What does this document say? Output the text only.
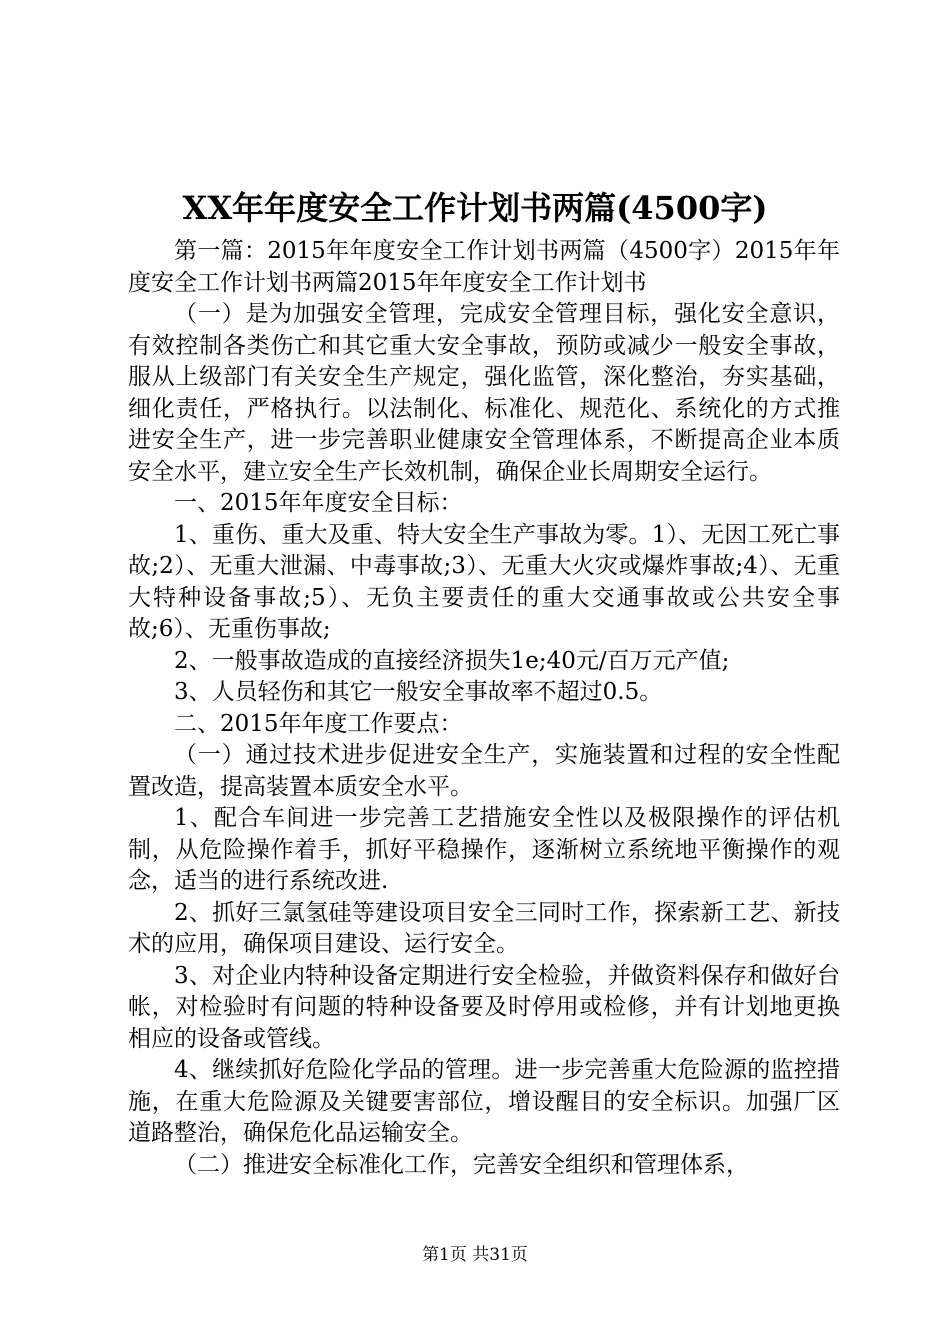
XX年年度安全工作计划书两篇(4500字)

第一篇：2015年年度安全工作计划书两篇（4500字）2015年年度安全工作计划书两篇2015年年度安全工作计划书

（一）是为加强安全管理，完成安全管理目标，强化安全意识，有效控制各类伤亡和其它重大安全事故，预防或减少一般安全事故，服从上级部门有关安全生产规定，强化监管，深化整治，夯实基础，细化责任，严格执行。以法制化、标准化、规范化、系统化的方式推进安全生产，进一步完善职业健康安全管理体系，不断提高企业本质安全水平，建立安全生产长效机制，确保企业长周期安全运行。

一、2015年年度安全目标：

1、重伤、重大及重、特大安全生产事故为零。1）、无因工死亡事故;2）、无重大泄漏、中毒事故;3）、无重大火灾或爆炸事故;4）、无重大特种设备事故;5）、无负主要责任的重大交通事故或公共安全事故;6）、无重伤事故;

2、一般事故造成的直接经济损失1e;40元/百万元产值;

3、人员轻伤和其它一般安全事故率不超过0.5。

二、2015年年度工作要点：

（一）通过技术进步促进安全生产，实施装置和过程的安全性配置改造，提高装置本质安全水平。

1、配合车间进一步完善工艺措施安全性以及极限操作的评估机制，从危险操作着手，抓好平稳操作，逐渐树立系统地平衡操作的观念，适当的进行系统改进.

2、抓好三氯氢硅等建设项目安全三同时工作，探索新工艺、新技术的应用，确保项目建设、运行安全。

3、对企业内特种设备定期进行安全检验，并做资料保存和做好台帐，对检验时有问题的特种设备要及时停用或检修，并有计划地更换相应的设备或管线。

4、继续抓好危险化学品的管理。进一步完善重大危险源的监控措施，在重大危险源及关键要害部位，增设醒目的安全标识。加强厂区道路整治，确保危化品运输安全。

（二）推进安全标准化工作，完善安全组织和管理体系，

第1页 共31页
